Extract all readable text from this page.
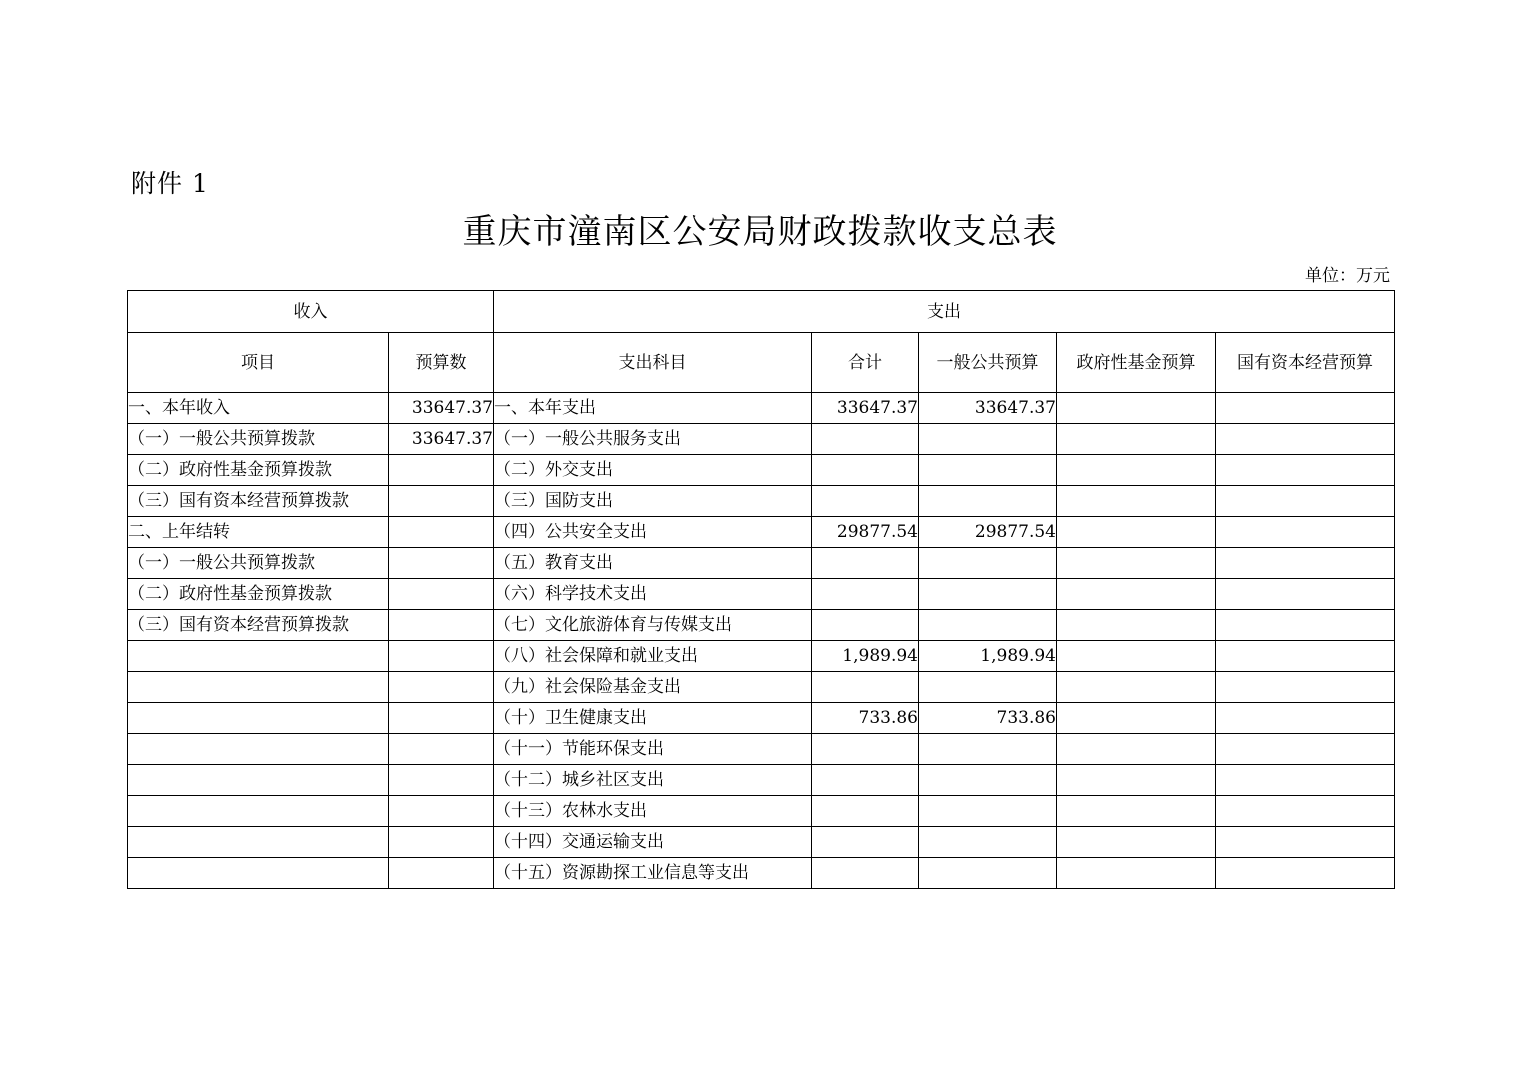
附件 1
重庆市潼南区公安局财政拨款收支总表
单位：万元
收入		支出				
项目	预算数	支出科目	合计	一般公共预算	政府性基金预算	国有资本经营预算
一、本年收入	33647.37	一、本年支出	33647.37	33647.37		
（一）一般公共预算拨款	33647.37	（一）一般公共服务支出				
（二）政府性基金预算拨款		（二）外交支出				
（三）国有资本经营预算拨款		（三）国防支出				
二、上年结转		（四）公共安全支出	29877.54	29877.54		
（一）一般公共预算拨款		（五）教育支出				
（二）政府性基金预算拨款		（六）科学技术支出				
（三）国有资本经营预算拨款		（七）文化旅游体育与传媒支出				
		（八）社会保障和就业支出	1,989.94	1,989.94		
		（九）社会保险基金支出				
		（十）卫生健康支出	733.86	733.86		
		（十一）节能环保支出				
		（十二）城乡社区支出				
		（十三）农林水支出				
		（十四）交通运输支出				
		（十五）资源勘探工业信息等支出				
